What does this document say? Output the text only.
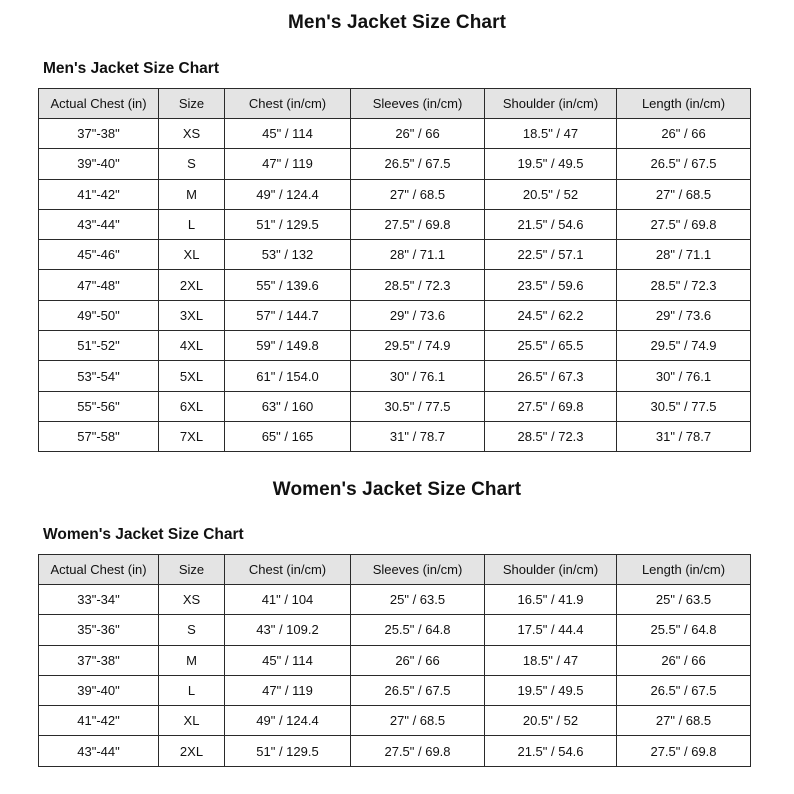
Men's Jacket Size Chart
Men's Jacket Size Chart
Actual Chest (in)	Size	Chest (in/cm)	Sleeves (in/cm)	Shoulder (in/cm)	Length (in/cm)
37"-38"	XS	45" / 114	26" / 66	18.5" / 47	26" / 66
39"-40"	S	47" / 119	26.5" / 67.5	19.5" / 49.5	26.5" / 67.5
41"-42"	M	49" / 124.4	27" / 68.5	20.5" / 52	27" / 68.5
43"-44"	L	51" / 129.5	27.5" / 69.8	21.5" / 54.6	27.5" / 69.8
45"-46"	XL	53" / 132	28" / 71.1	22.5" / 57.1	28" / 71.1
47"-48"	2XL	55" / 139.6	28.5" / 72.3	23.5" / 59.6	28.5" / 72.3
49"-50"	3XL	57" / 144.7	29" / 73.6	24.5" / 62.2	29" / 73.6
51"-52"	4XL	59" / 149.8	29.5" / 74.9	25.5" / 65.5	29.5" / 74.9
53"-54"	5XL	61" / 154.0	30" / 76.1	26.5" / 67.3	30" / 76.1
55"-56"	6XL	63" / 160	30.5" / 77.5	27.5" / 69.8	30.5" / 77.5
57"-58"	7XL	65" / 165	31" / 78.7	28.5" / 72.3	31" / 78.7
Women's Jacket Size Chart
Women's Jacket Size Chart
Actual Chest (in)	Size	Chest (in/cm)	Sleeves (in/cm)	Shoulder (in/cm)	Length (in/cm)
33"-34"	XS	41" / 104	25" / 63.5	16.5" / 41.9	25" / 63.5
35"-36"	S	43" / 109.2	25.5" / 64.8	17.5" / 44.4	25.5" / 64.8
37"-38"	M	45" / 114	26" / 66	18.5" / 47	26" / 66
39"-40"	L	47" / 119	26.5" / 67.5	19.5" / 49.5	26.5" / 67.5
41"-42"	XL	49" / 124.4	27" / 68.5	20.5" / 52	27" / 68.5
43"-44"	2XL	51" / 129.5	27.5" / 69.8	21.5" / 54.6	27.5" / 69.8
